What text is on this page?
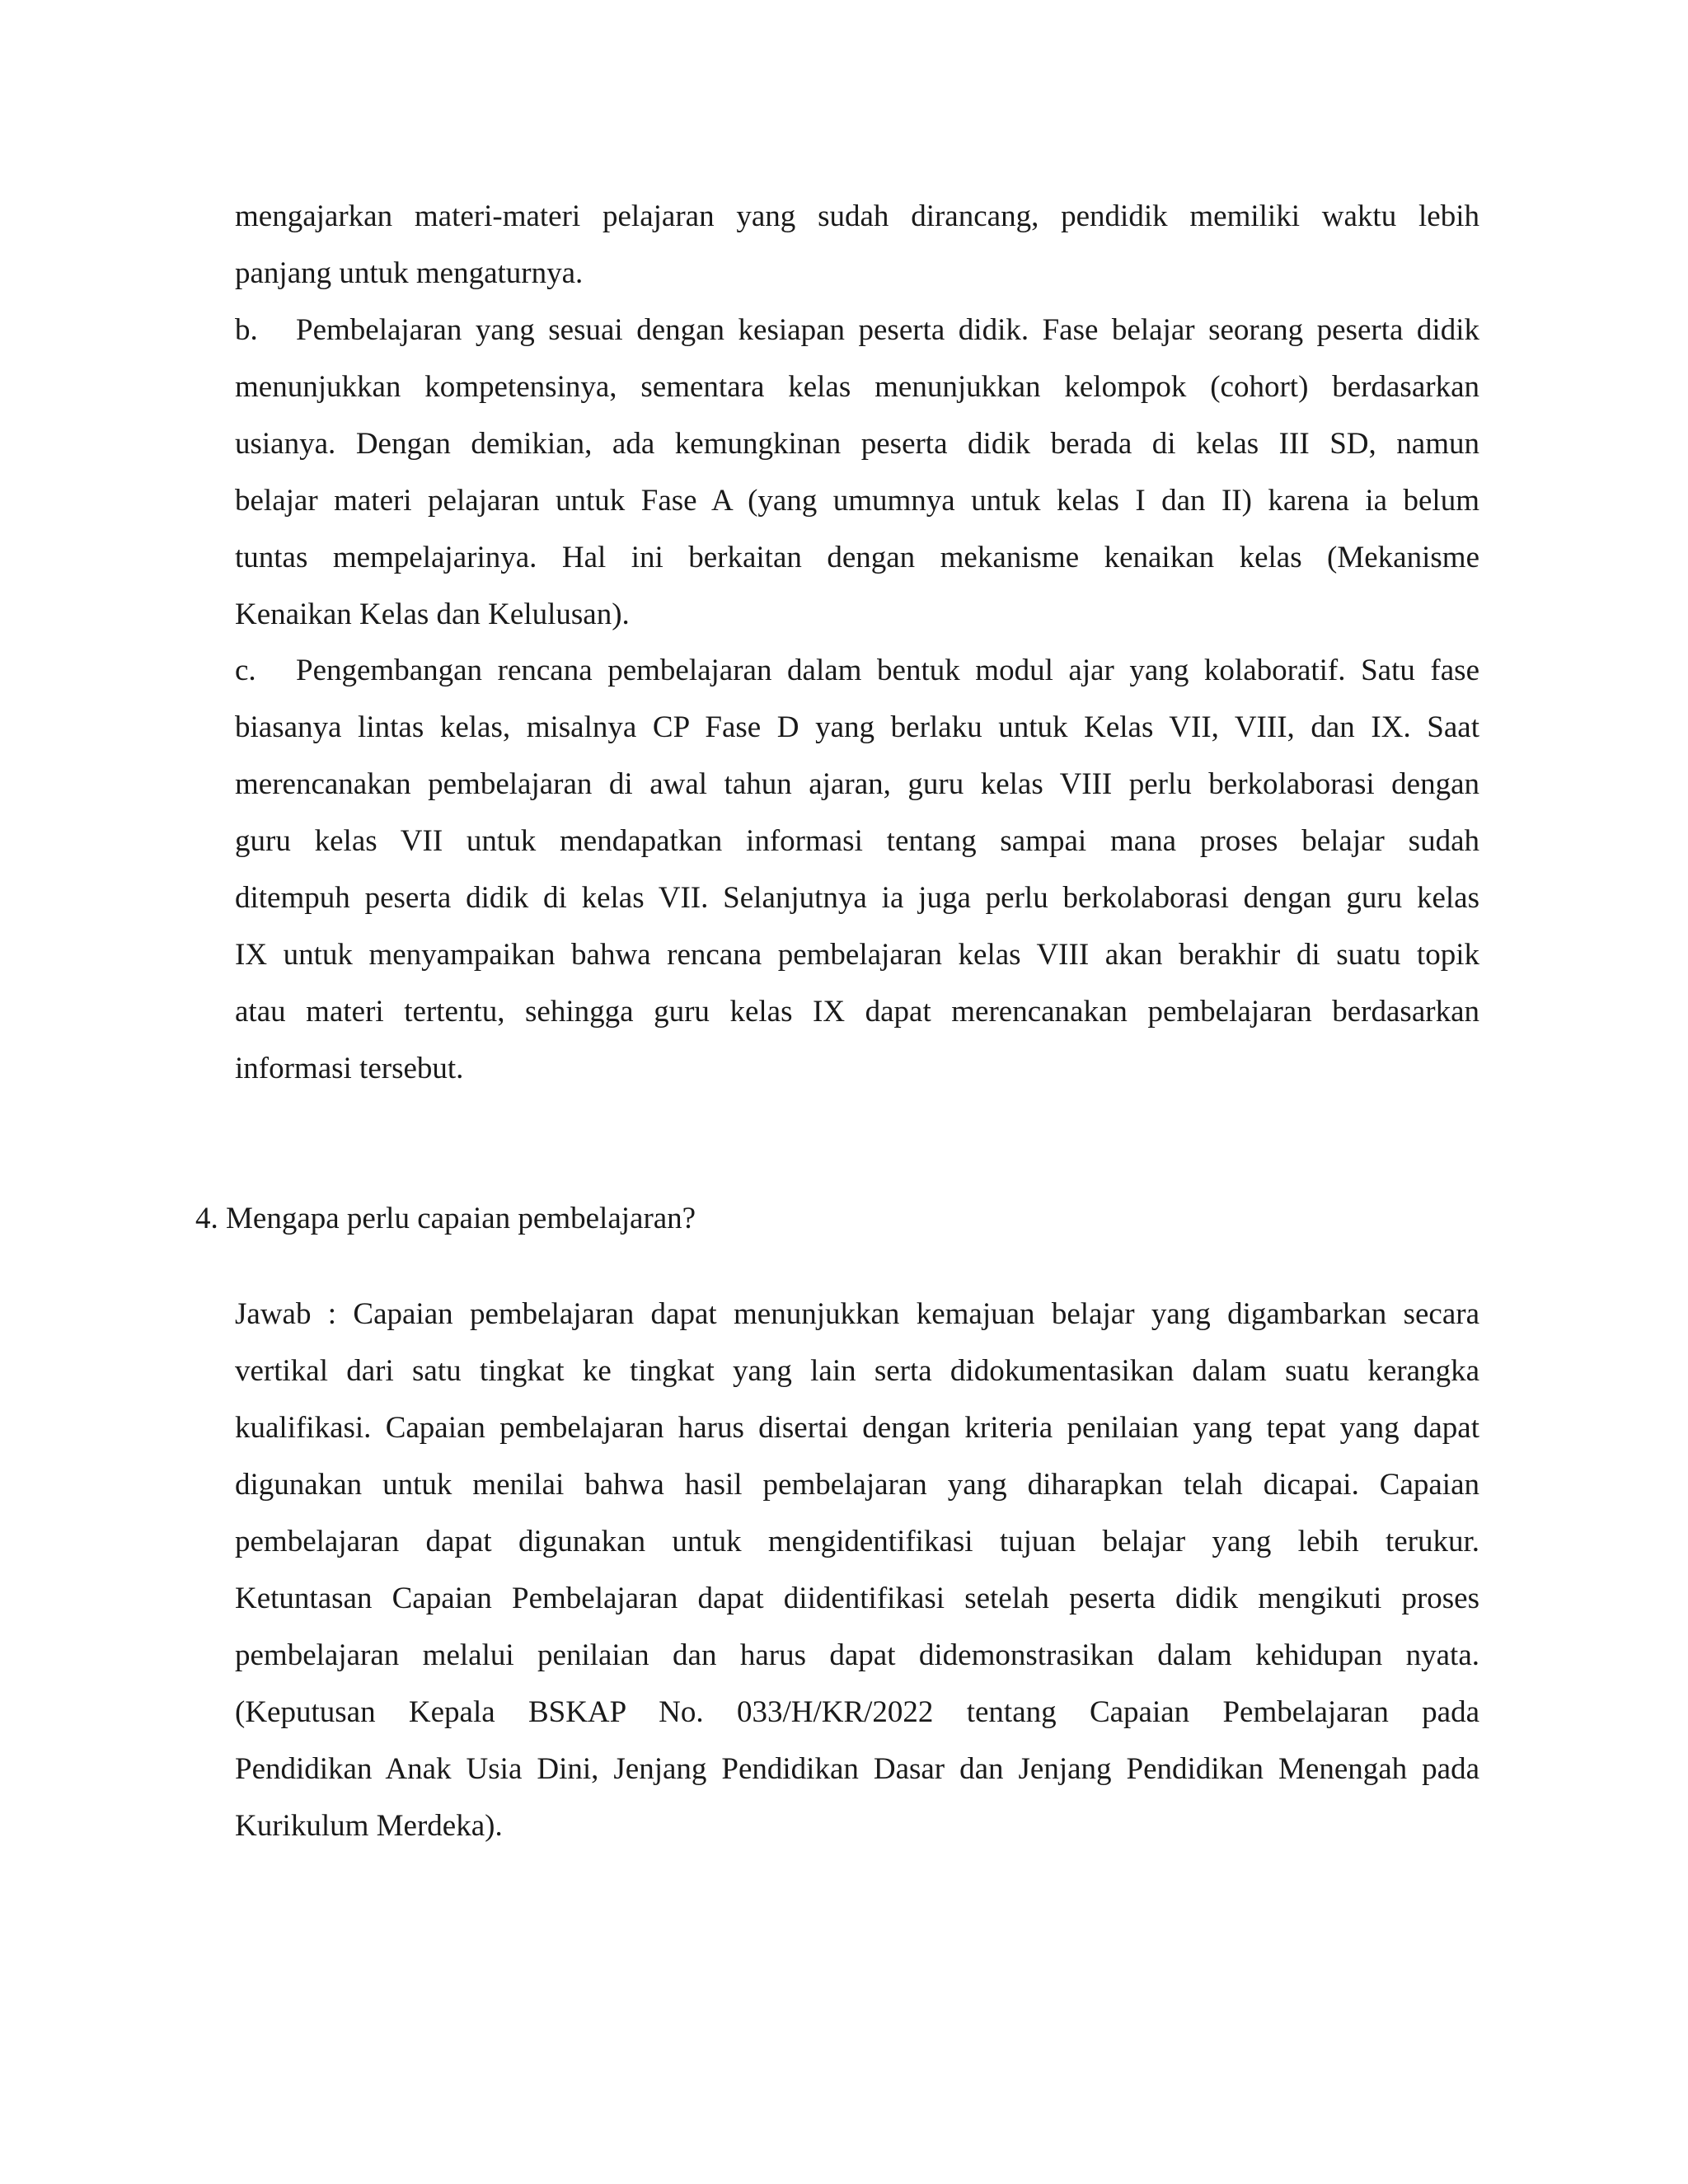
mengajarkan materi-materi pelajaran yang sudah dirancang, pendidik memiliki waktu lebih
panjang untuk mengaturnya.
b. Pembelajaran yang sesuai dengan kesiapan peserta didik. Fase belajar seorang peserta didik
menunjukkan kompetensinya, sementara kelas menunjukkan kelompok (cohort) berdasarkan
usianya. Dengan demikian, ada kemungkinan peserta didik berada di kelas III SD, namun
belajar materi pelajaran untuk Fase A (yang umumnya untuk kelas I dan II) karena ia belum
tuntas mempelajarinya. Hal ini berkaitan dengan mekanisme kenaikan kelas (Mekanisme
Kenaikan Kelas dan Kelulusan).
c. Pengembangan rencana pembelajaran dalam bentuk modul ajar yang kolaboratif. Satu fase
biasanya lintas kelas, misalnya CP Fase D yang berlaku untuk Kelas VII, VIII, dan IX. Saat
merencanakan pembelajaran di awal tahun ajaran, guru kelas VIII perlu berkolaborasi dengan
guru kelas VII untuk mendapatkan informasi tentang sampai mana proses belajar sudah
ditempuh peserta didik di kelas VII. Selanjutnya ia juga perlu berkolaborasi dengan guru kelas
IX untuk menyampaikan bahwa rencana pembelajaran kelas VIII akan berakhir di suatu topik
atau materi tertentu, sehingga guru kelas IX dapat merencanakan pembelajaran berdasarkan
informasi tersebut.
4. Mengapa perlu capaian pembelajaran?
Jawab : Capaian pembelajaran dapat menunjukkan kemajuan belajar yang digambarkan secara
vertikal dari satu tingkat ke tingkat yang lain serta didokumentasikan dalam suatu kerangka
kualifikasi. Capaian pembelajaran harus disertai dengan kriteria penilaian yang tepat yang dapat
digunakan untuk menilai bahwa hasil pembelajaran yang diharapkan telah dicapai. Capaian
pembelajaran dapat digunakan untuk mengidentifikasi tujuan belajar yang lebih terukur.
Ketuntasan Capaian Pembelajaran dapat diidentifikasi setelah peserta didik mengikuti proses
pembelajaran melalui penilaian dan harus dapat didemonstrasikan dalam kehidupan nyata.
(Keputusan Kepala BSKAP No. 033/H/KR/2022 tentang Capaian Pembelajaran pada
Pendidikan Anak Usia Dini, Jenjang Pendidikan Dasar dan Jenjang Pendidikan Menengah pada
Kurikulum Merdeka).
